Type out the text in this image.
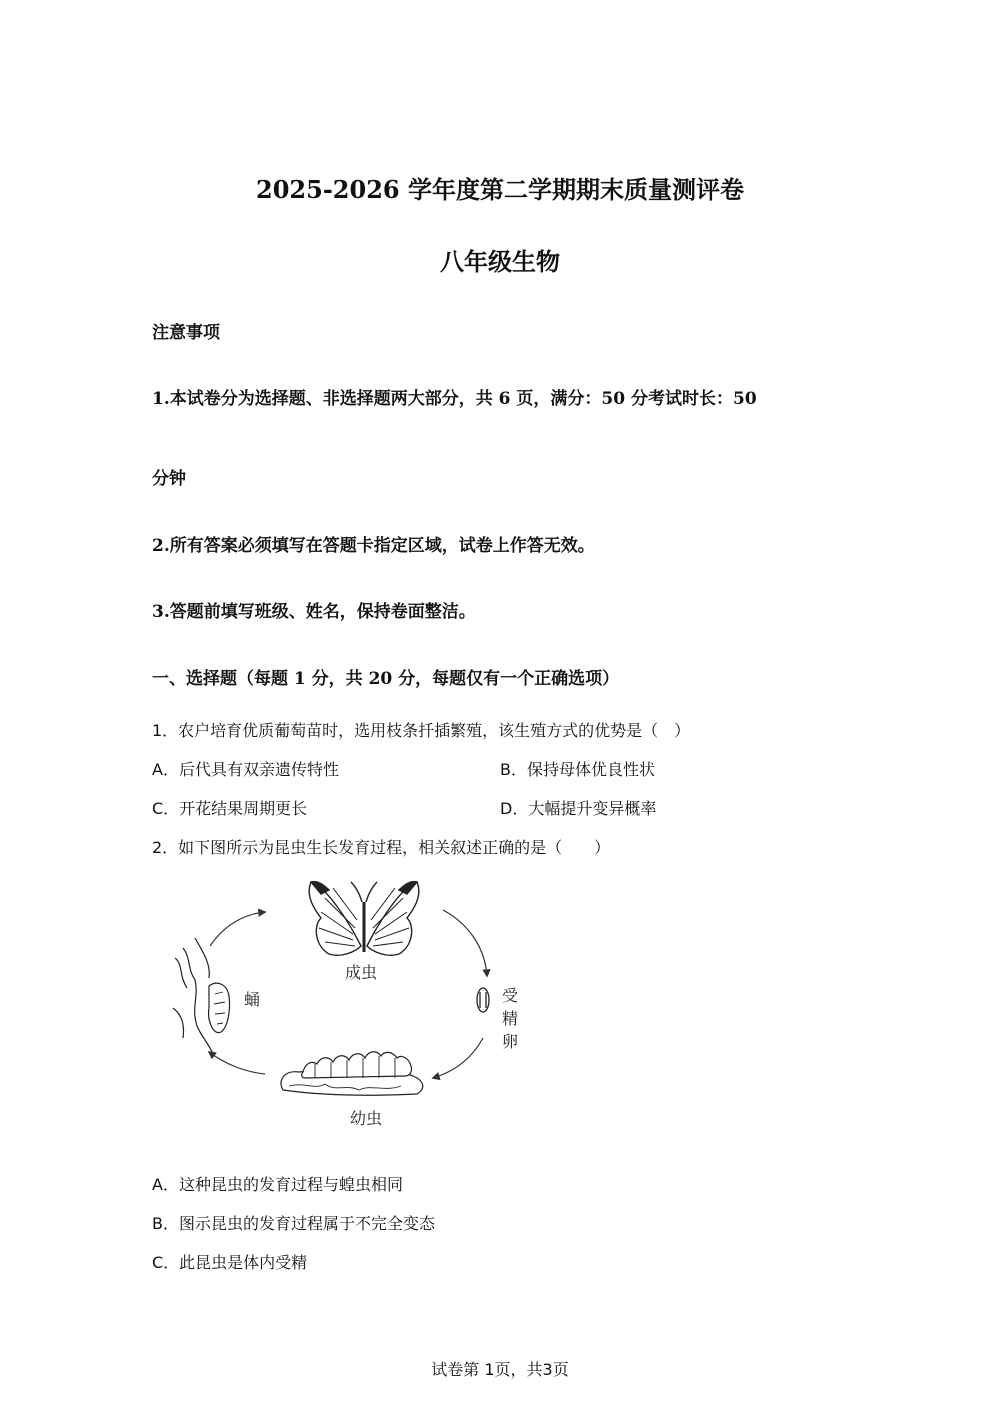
2025-2026 学年度第二学期期末质量测评卷
八年级生物
注意事项
1.本试卷分为选择题、非选择题两大部分，共 6 页，满分：50 分考试时长：50
分钟
2.所有答案必须填写在答题卡指定区域，试卷上作答无效。
3.答题前填写班级、姓名，保持卷面整洁。
一、选择题（每题 1 分，共 20 分，每题仅有一个正确选项）
1．农户培育优质葡萄苗时，选用枝条扦插繁殖，该生殖方式的优势是（　）
A．后代具有双亲遗传特性	B．保持母体优良性状
C．开花结果周期更长	D．大幅提升变异概率
2．如下图所示为昆虫生长发育过程，相关叙述正确的是（　　）
成虫
蛹	受
精
卵
幼虫
A．这种昆虫的发育过程与蝗虫相同
B．图示昆虫的发育过程属于不完全变态
C．此昆虫是体内受精
试卷第 1页，共3页
